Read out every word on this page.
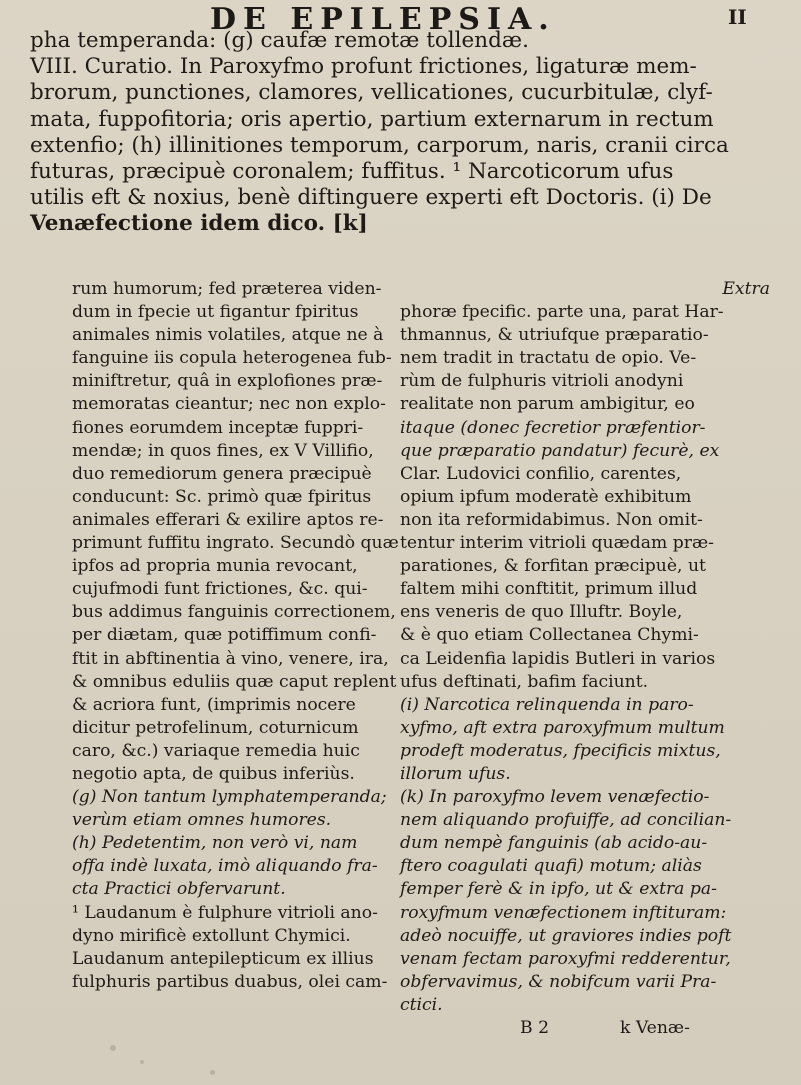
DE EPILEPSIA.	II
pha temperanda: (g) caufæ remotæ tollendæ.
VIII. Curatio. In Paroxyfmo profunt frictiones, ligaturæ mem-
brorum, punctiones, clamores, vellicationes, cucurbitulæ, clyf-
mata, fuppofitoria; oris apertio, partium externarum in rectum
extenfio; (h) illinitiones temporum, carporum, naris, cranii circa
futuras, præcipuè coronalem; fuffitus. ¹ Narcoticorum ufus
utilis eft & noxius, benè diftinguere experti eft Doctoris. (i) De
Venæfectione idem dico. [k]
rum humorum; fed præterea viden-
dum in fpecie ut figantur fpiritus
animales nimis volatiles, atque ne à
fanguine iis copula heterogenea fub-
miniftretur, quâ in explofiones præ-
memoratas cieantur; nec non explo-
fiones eorumdem inceptæ fuppri-
mendæ; in quos fines, ex V Villifio,
duo remediorum genera præcipuè
conducunt: Sc. primò quæ fpiritus
animales efferari & exilire aptos re-
primunt fuffitu ingrato. Secundò quæ
ipfos ad propria munia revocant,
cujufmodi funt frictiones, &c. qui-
bus addimus fanguinis correctionem,
per diætam, quæ potiffimum confi-
ftit in abftinentia à vino, venere, ira,
& omnibus eduliis quæ caput replent
& acriora funt, (imprimis nocere
dicitur petrofelinum, coturnicum
caro, &c.) variaque remedia huic
negotio apta, de quibus inferiùs.
(g) Non tantum lymphatemperanda;
verùm etiam omnes humores.
(h) Pedetentim, non verò vi, nam
offa indè luxata, imò aliquando fra-
cta Practici obfervarunt.
¹ Laudanum è fulphure vitrioli ano-
dyno mirificè extollunt Chymici.
Laudanum antepilepticum ex illius
fulphuris partibus duabus, olei cam-
Extra
phoræ fpecific. parte una, parat Har-
thmannus, & utriufque præparatio-
nem tradit in tractatu de opio. Ve-
rùm de fulphuris vitrioli anodyni
realitate non parum ambigitur, eo
itaque (donec fecretior præfentior-
que præparatio pandatur) fecurè, ex
Clar. Ludovici confilio, carentes,
opium ipfum moderatè exhibitum
non ita reformidabimus. Non omit-
tentur interim vitrioli quædam præ-
parationes, & forfitan præcipuè, ut
faltem mihi conftitit, primum illud
ens veneris de quo Illuftr. Boyle,
& è quo etiam Collectanea Chymi-
ca Leidenfia lapidis Butleri in varios
ufus deftinati, bafim faciunt.
(i) Narcotica relinquenda in paro-
xyfmo, aft extra paroxyfmum multum
prodeft moderatus, fpecificis mixtus,
illorum ufus.
(k) In paroxyfmo levem venæfectio-
nem aliquando profuiffe, ad concilian-
dum nempè fanguinis (ab acido-au-
ftero coagulati quafi) motum; aliàs
femper ferè & in ipfo, ut & extra pa-
roxyfmum venæfectionem inftituram:
adeò nocuiffe, ut graviores indies poft
venam fectam paroxyfmi redderentur,
obfervavimus, & nobifcum varii Pra-
ctici.
B 2	k Venæ-
